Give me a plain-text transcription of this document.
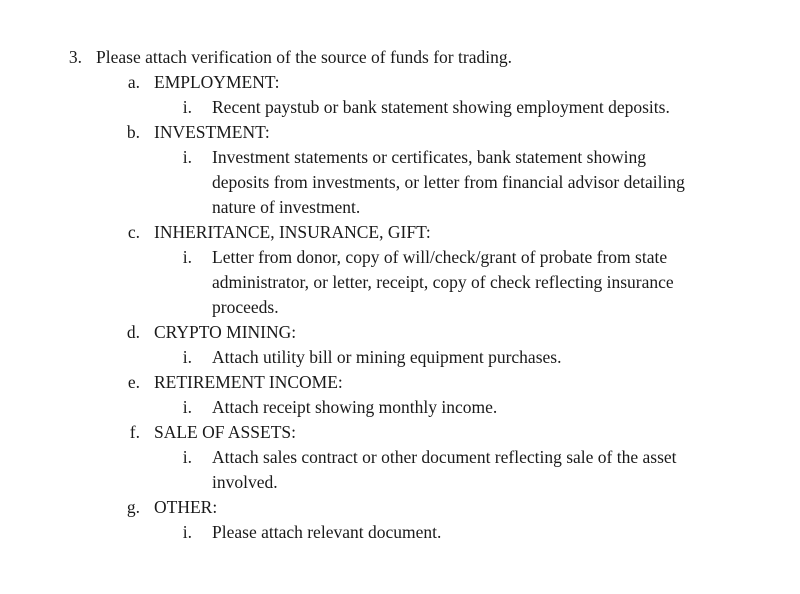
3. Please attach verification of the source of funds for trading.
a. EMPLOYMENT:
i. Recent paystub or bank statement showing employment deposits.
b. INVESTMENT:
i. Investment statements or certificates, bank statement showing
deposits from investments, or letter from financial advisor detailing
nature of investment.
c. INHERITANCE, INSURANCE, GIFT:
i. Letter from donor, copy of will/check/grant of probate from state
administrator, or letter, receipt, copy of check reflecting insurance
proceeds.
d. CRYPTO MINING:
i. Attach utility bill or mining equipment purchases.
e. RETIREMENT INCOME:
i. Attach receipt showing monthly income.
f. SALE OF ASSETS:
i. Attach sales contract or other document reflecting sale of the asset
involved.
g. OTHER:
i. Please attach relevant document.
